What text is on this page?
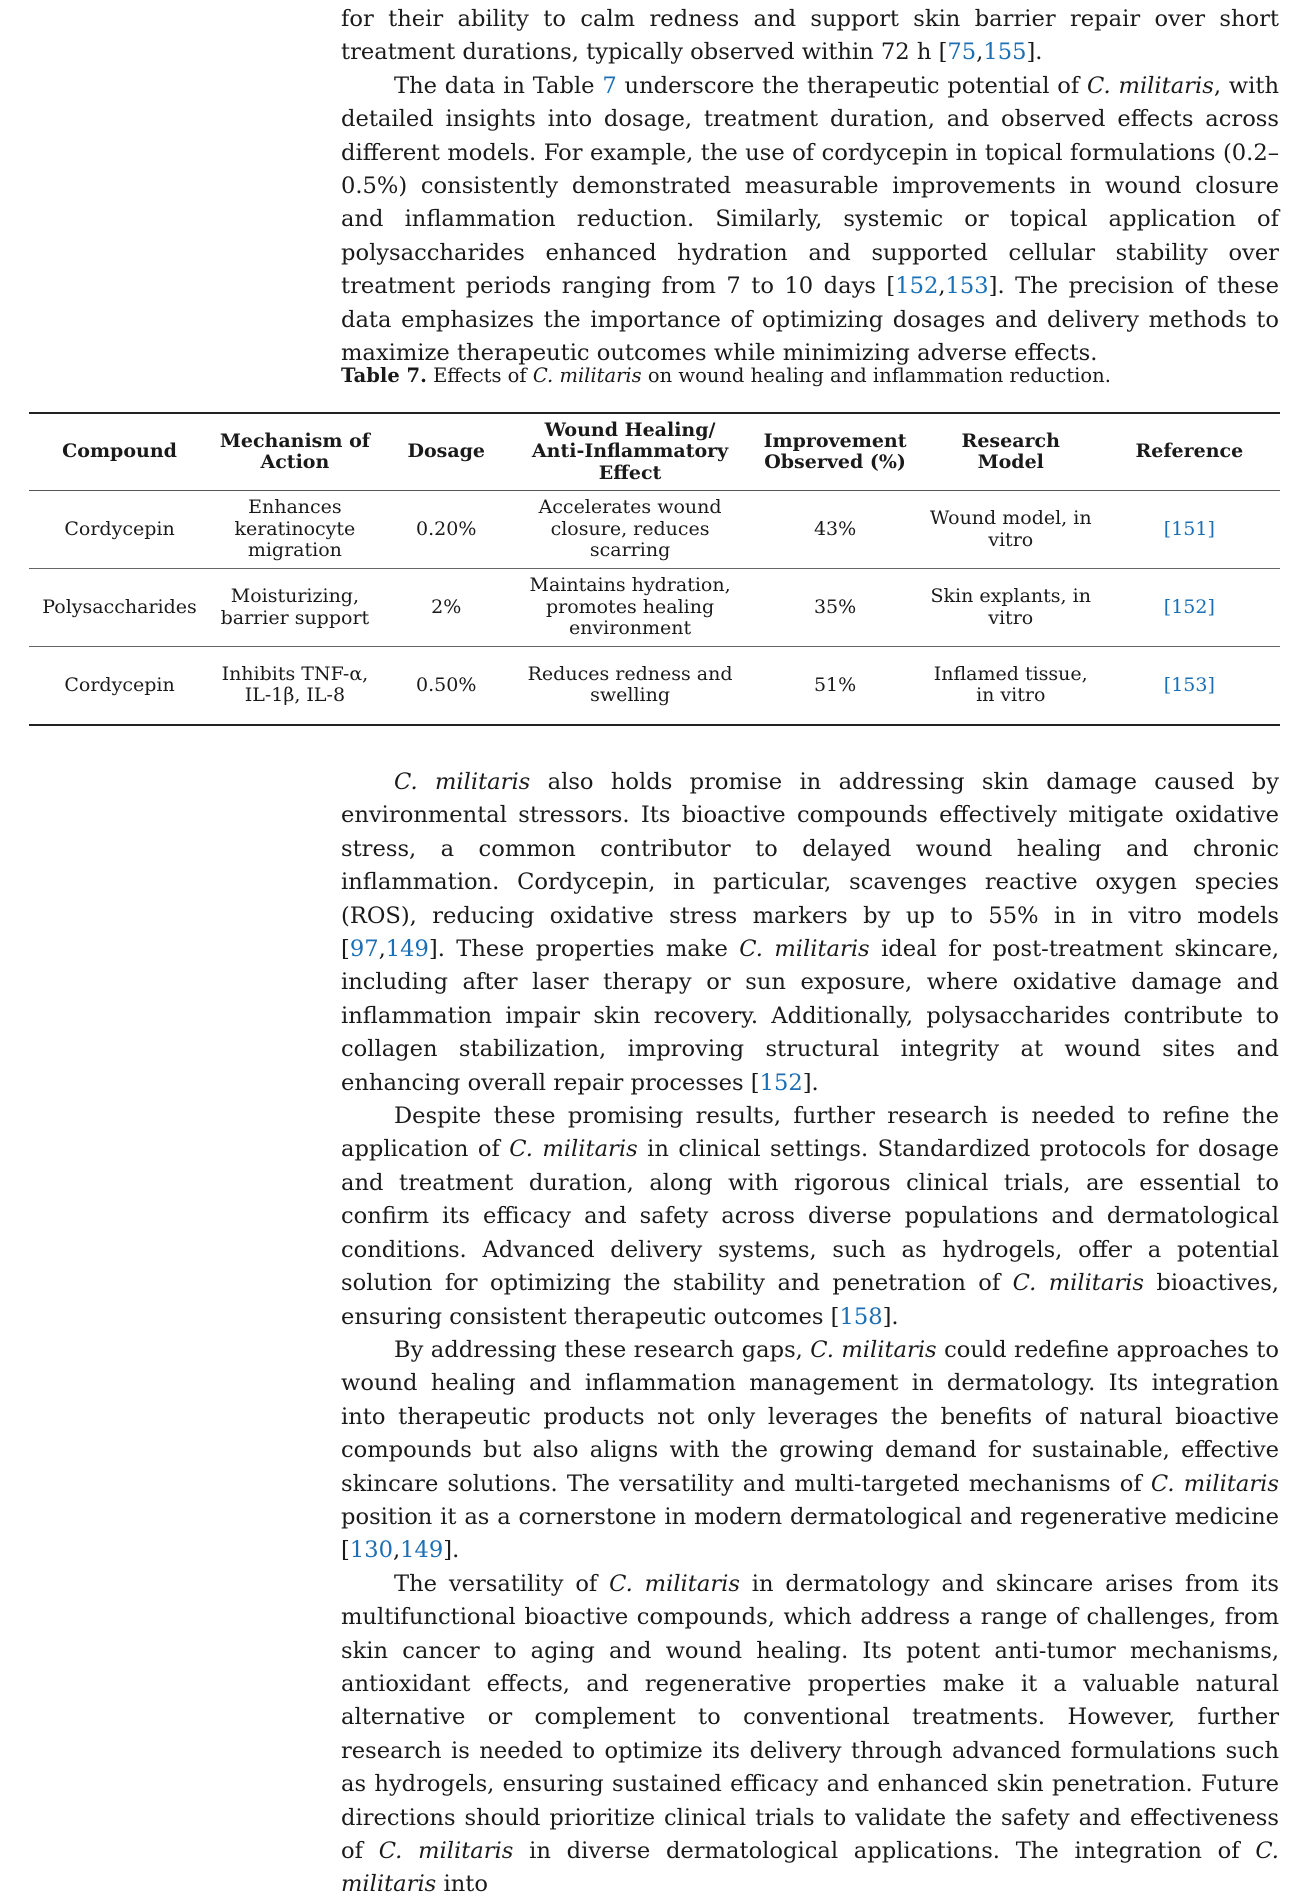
for their ability to calm redness and support skin barrier repair over short treatment durations, typically observed within 72 h [75,155].

The data in Table 7 underscore the therapeutic potential of C. militaris, with detailed insights into dosage, treatment duration, and observed effects across different models. For example, the use of cordycepin in topical formulations (0.2–0.5%) consistently demonstrated measurable improvements in wound closure and inflammation reduction. Similarly, systemic or topical application of polysaccharides enhanced hydration and supported cellular stability over treatment periods ranging from 7 to 10 days [152,153]. The precision of these data emphasizes the importance of optimizing dosages and delivery methods to maximize therapeutic outcomes while minimizing adverse effects.

Table 7. Effects of C. militaris on wound healing and inflammation reduction.
Compound	Mechanism of Action	Dosage	Wound Healing/ Anti-Inflammatory Effect	Improvement Observed (%)	Research Model	Reference
Cordycepin	Enhances keratinocyte migration	0.20%	Accelerates wound closure, reduces scarring	43%	Wound model, in vitro	[151]
Polysaccharides	Moisturizing, barrier support	2%	Maintains hydration, promotes healing environment	35%	Skin explants, in vitro	[152]
Cordycepin	Inhibits TNF-α, IL-1β, IL-8	0.50%	Reduces redness and swelling	51%	Inflamed tissue, in vitro	[153]

C. militaris also holds promise in addressing skin damage caused by environmental stressors. Its bioactive compounds effectively mitigate oxidative stress, a common contributor to delayed wound healing and chronic inflammation. Cordycepin, in particular, scavenges reactive oxygen species (ROS), reducing oxidative stress markers by up to 55% in in vitro models [97,149]. These properties make C. militaris ideal for post-treatment skincare, including after laser therapy or sun exposure, where oxidative damage and inflammation impair skin recovery. Additionally, polysaccharides contribute to collagen stabilization, improving structural integrity at wound sites and enhancing overall repair processes [152].

Despite these promising results, further research is needed to refine the application of C. militaris in clinical settings. Standardized protocols for dosage and treatment duration, along with rigorous clinical trials, are essential to confirm its efficacy and safety across diverse populations and dermatological conditions. Advanced delivery systems, such as hydrogels, offer a potential solution for optimizing the stability and penetration of C. militaris bioactives, ensuring consistent therapeutic outcomes [158].

By addressing these research gaps, C. militaris could redefine approaches to wound healing and inflammation management in dermatology. Its integration into therapeutic products not only leverages the benefits of natural bioactive compounds but also aligns with the growing demand for sustainable, effective skincare solutions. The versatility and multi-targeted mechanisms of C. militaris position it as a cornerstone in modern dermatological and regenerative medicine [130,149].

The versatility of C. militaris in dermatology and skincare arises from its multifunctional bioactive compounds, which address a range of challenges, from skin cancer to aging and wound healing. Its potent anti-tumor mechanisms, antioxidant effects, and regenerative properties make it a valuable natural alternative or complement to conventional treatments. However, further research is needed to optimize its delivery through advanced formulations such as hydrogels, ensuring sustained efficacy and enhanced skin penetration. Future directions should prioritize clinical trials to validate the safety and effectiveness of C. militaris in diverse dermatological applications. The integration of C. militaris into
